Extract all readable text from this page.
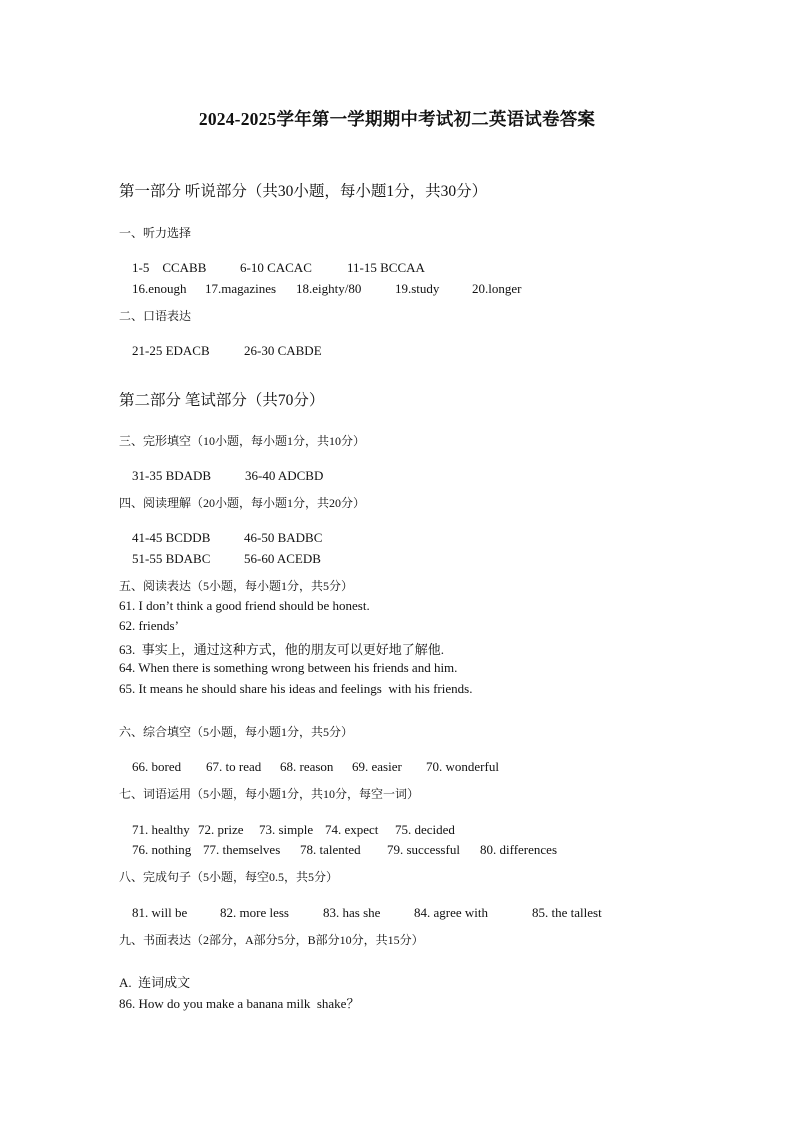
2024-2025学年第一学期期中考试初二英语试卷答案
第一部分 听说部分（共30小题，每小题1分，共30分）
一、听力选择

1-5    CCABB	6-10 CACAC	11-15 BCCAA

16.enough 17.magazines 18.eighty/80	19.study	20.longer

二、口语表达

21-25 EDACB	26-30 CABDE

第二部分 笔试部分（共70分）
三、完形填空（10小题，每小题1分，共10分）

31-35 BDADB	36-40 ADCBD

四、阅读理解（20小题，每小题1分，共20分）

41-45 BCDDB	46-50 BADBC

51-55 BDABC	56-60 ACEDB

五、阅读表达（5小题，每小题1分，共5分）
61. I don’t think a good friend should be honest.
62. friends’
63.  事实上，通过这种方式，他的朋友可以更好地了解他.
64. When there is something wrong between his friends and him.
65. It means he should share his ideas and feelings  with his friends.
六、综合填空（5小题，每小题1分，共5分）

66. bored 67. to read 68. reason 69. easier 70. wonderful

七、词语运用（5小题，每小题1分，共10分，每空一词）

71. healthy 72. prize 73. simple 74. expect 75. decided

76. nothing 77. themselves 78. talented 79. successful 80. differences

八、完成句子（5小题，每空0.5，共5分）

81. will be	82. more less	83. has she	84. agree with	85. the tallest

九、书面表达（2部分，A部分5分，B部分10分，共15分）
A.  连词成文
86. How do you make a banana milk  shake？
